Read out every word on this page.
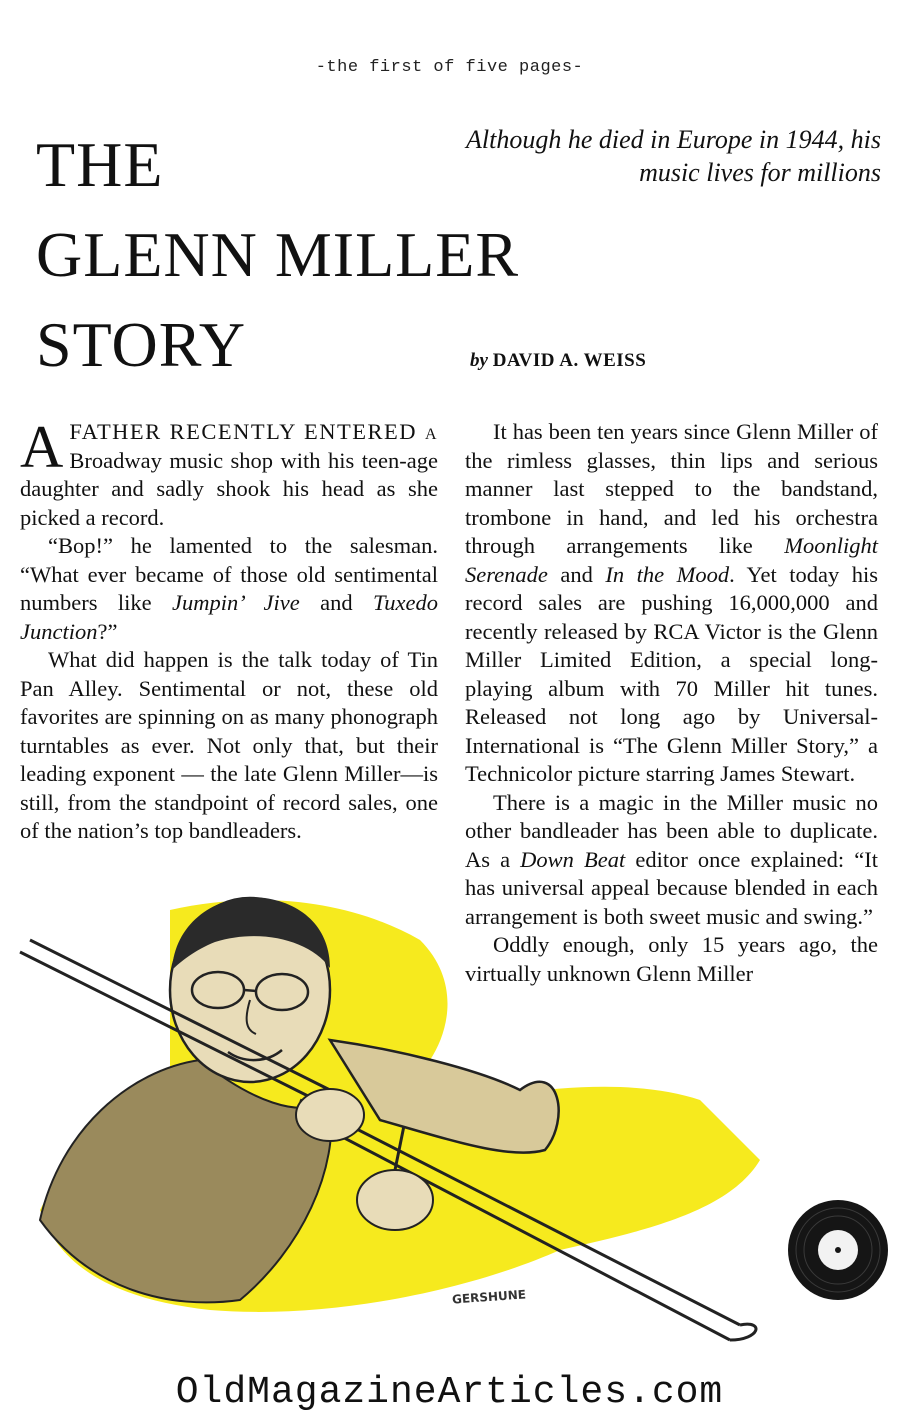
-the first of five pages-
THE
GLENN MILLER
STORY
Although he died in Europe in 1944, his music lives for millions
by DAVID A. WEISS

AFATHER RECENTLY ENTERED a Broadway music shop with his teen-age daughter and sadly shook his head as she picked a record.

“Bop!” he lamented to the salesman. “What ever became of those old sentimental numbers like Jumpin’ Jive and Tuxedo Junction?”

What did happen is the talk today of Tin Pan Alley. Sentimental or not, these old favorites are spinning on as many phonograph turntables as ever. Not only that, but their leading exponent — the late Glenn Miller—is still, from the standpoint of record sales, one of the nation’s top bandleaders.

It has been ten years since Glenn Miller of the rimless glasses, thin lips and serious manner last stepped to the bandstand, trombone in hand, and led his orchestra through arrangements like Moonlight Serenade and In the Mood. Yet today his record sales are pushing 16,000,000 and recently released by RCA Victor is the Glenn Miller Limited Edition, a special long-playing album with 70 Miller hit tunes. Released not long ago by Universal-International is “The Glenn Miller Story,” a Technicolor picture starring James Stewart.

There is a magic in the Miller music no other bandleader has been able to duplicate. As a Down Beat editor once explained: “It has universal appeal because blended in each arrangement is both sweet music and swing.”

Oddly enough, only 15 years ago, the virtually unknown Glenn Miller

GERSHUNE
OldMagazineArticles.com
